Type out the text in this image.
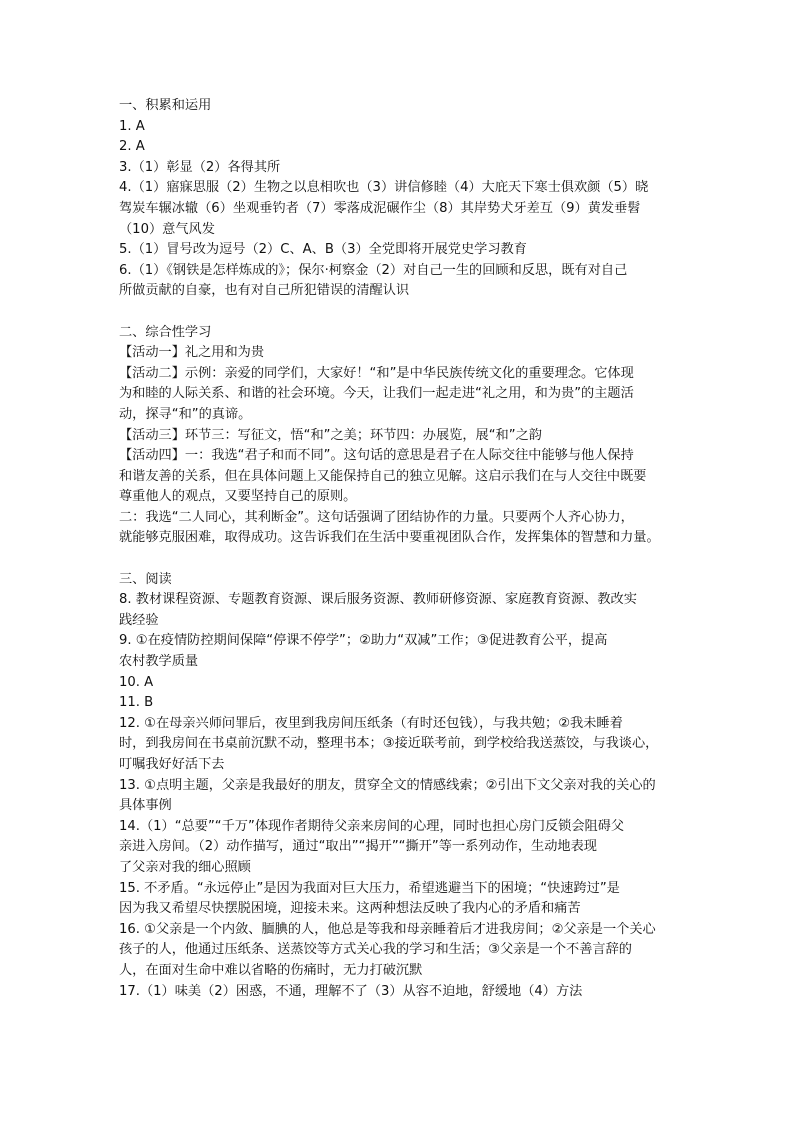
一、积累和运用
1. A
2. A
3.（1）彰显（2）各得其所
4.（1）寤寐思服（2）生物之以息相吹也（3）讲信修睦（4）大庇天下寒士俱欢颜（5）晓
驾炭车辗冰辙（6）坐观垂钓者（7）零落成泥碾作尘（8）其岸势犬牙差互（9）黄发垂髫
（10）意气风发
5.（1）冒号改为逗号（2）C、A、B（3）全党即将开展党史学习教育
6.（1）《钢铁是怎样炼成的》；保尔·柯察金（2）对自己一生的回顾和反思，既有对自己
所做贡献的自豪，也有对自己所犯错误的清醒认识
二、综合性学习
【活动一】礼之用和为贵
【活动二】示例：亲爱的同学们，大家好！“和”是中华民族传统文化的重要理念。它体现
为和睦的人际关系、和谐的社会环境。今天，让我们一起走进“礼之用，和为贵”的主题活
动，探寻“和”的真谛。
【活动三】环节三：写征文，悟“和”之美；环节四：办展览，展“和”之韵
【活动四】一：我选“君子和而不同”。这句话的意思是君子在人际交往中能够与他人保持
和谐友善的关系，但在具体问题上又能保持自己的独立见解。这启示我们在与人交往中既要
尊重他人的观点，又要坚持自己的原则。
二：我选“二人同心，其利断金”。这句话强调了团结协作的力量。只要两个人齐心协力，
就能够克服困难，取得成功。这告诉我们在生活中要重视团队合作，发挥集体的智慧和力量。
三、阅读
8. 教材课程资源、专题教育资源、课后服务资源、教师研修资源、家庭教育资源、教改实
践经验
9. ①在疫情防控期间保障“停课不停学”；②助力“双减”工作；③促进教育公平，提高
农村教学质量
10. A
11. B
12. ①在母亲兴师问罪后，夜里到我房间压纸条（有时还包钱），与我共勉；②我未睡着
时，到我房间在书桌前沉默不动，整理书本；③接近联考前，到学校给我送蒸饺，与我谈心，
叮嘱我好好活下去
13. ①点明主题，父亲是我最好的朋友，贯穿全文的情感线索；②引出下文父亲对我的关心的
具体事例
14.（1）“总要”“千万”体现作者期待父亲来房间的心理，同时也担心房门反锁会阻碍父
亲进入房间。（2）动作描写，通过“取出”“揭开”“撕开”等一系列动作，生动地表现
了父亲对我的细心照顾
15. 不矛盾。“永远停止”是因为我面对巨大压力，希望逃避当下的困境；“快速跨过”是
因为我又希望尽快摆脱困境，迎接未来。这两种想法反映了我内心的矛盾和痛苦
16. ①父亲是一个内敛、腼腆的人，他总是等我和母亲睡着后才进我房间；②父亲是一个关心
孩子的人，他通过压纸条、送蒸饺等方式关心我的学习和生活；③父亲是一个不善言辞的
人，在面对生命中难以省略的伤痛时，无力打破沉默
17.（1）味美（2）困惑，不通，理解不了（3）从容不迫地，舒缓地（4）方法
